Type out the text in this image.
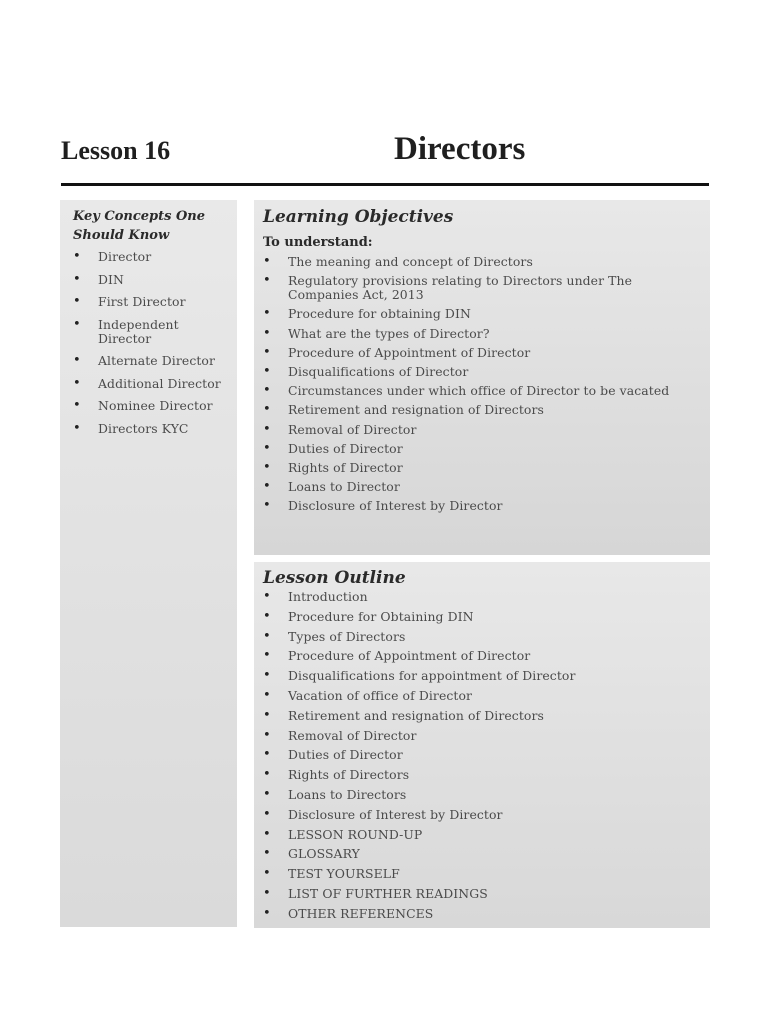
Lesson 16	Directors
Key Concepts One Should Know
• Director
• DIN
• First Director
• Independent Director
• Alternate Director
• Additional Director
• Nominee Director
• Directors KYC
Learning Objectives
To understand:
• The meaning and concept of Directors
• Regulatory provisions relating to Directors under The Companies Act, 2013
• Procedure for obtaining DIN
• What are the types of Director?
• Procedure of Appointment of Director
• Disqualifications of Director
• Circumstances under which office of Director to be vacated
• Retirement and resignation of Directors
• Removal of Director
• Duties of Director
• Rights of Director
• Loans to Director
• Disclosure of Interest by Director
Lesson Outline
• Introduction
• Procedure for Obtaining DIN
• Types of Directors
• Procedure of Appointment of Director
• Disqualifications for appointment of Director
• Vacation of office of Director
• Retirement and resignation of Directors
• Removal of Director
• Duties of Director
• Rights of Directors
• Loans to Directors
• Disclosure of Interest by Director
• LESSON ROUND-UP
• GLOSSARY
• TEST YOURSELF
• LIST OF FURTHER READINGS
• OTHER REFERENCES
